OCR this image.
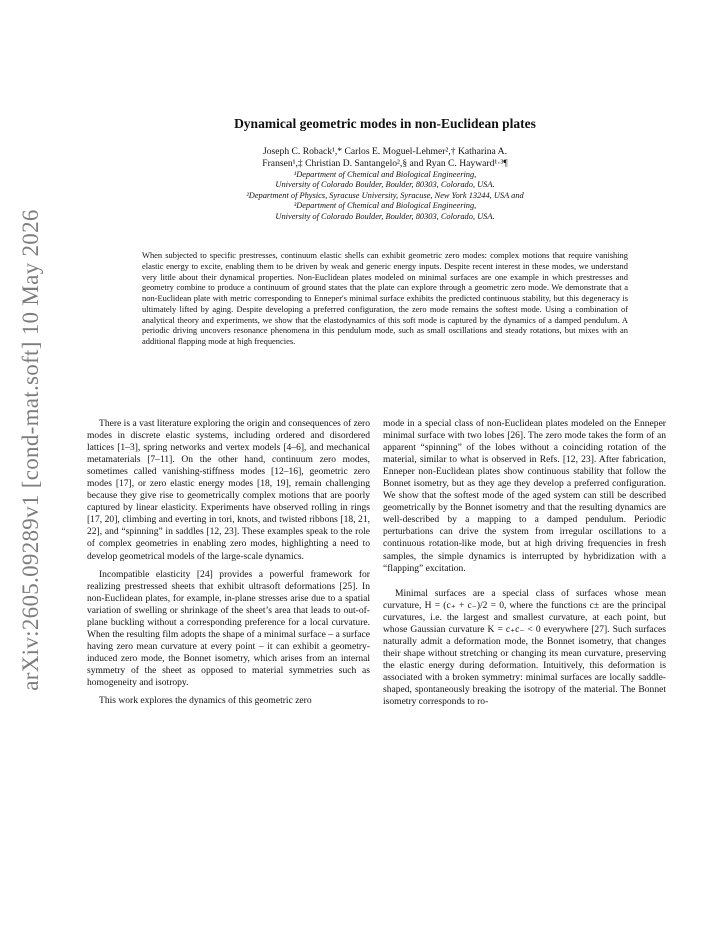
arXiv:2605.09289v1 [cond-mat.soft] 10 May 2026
Dynamical geometric modes in non-Euclidean plates

Joseph C. Roback¹,* Carlos E. Moguel-Lehmer²,† Katharina A.

Fransen¹,‡ Christian D. Santangelo²,§ and Ryan C. Hayward¹·³¶

¹Department of Chemical and Biological Engineering,

University of Colorado Boulder, Boulder, 80303, Colorado, USA.

²Department of Physics, Syracuse University, Syracuse, New York 13244, USA and

³Department of Chemical and Biological Engineering,

University of Colorado Boulder, Boulder, 80303, Colorado, USA.

When subjected to specific prestresses, continuum elastic shells can exhibit geometric zero modes: complex motions that require vanishing elastic energy to excite, enabling them to be driven by weak and generic energy inputs. Despite recent interest in these modes, we understand very little about their dynamical properties. Non-Euclidean plates modeled on minimal surfaces are one example in which prestresses and geometry combine to produce a continuum of ground states that the plate can explore through a geometric zero mode. We demonstrate that a non-Euclidean plate with metric corresponding to Enneper's minimal surface exhibits the predicted continuous stability, but this degeneracy is ultimately lifted by aging. Despite developing a preferred configuration, the zero mode remains the softest mode. Using a combination of analytical theory and experiments, we show that the elastodynamics of this soft mode is captured by the dynamics of a damped pendulum. A periodic driving uncovers resonance phenomena in this pendulum mode, such as small oscillations and steady rotations, but mixes with an additional flapping mode at high frequencies.

There is a vast literature exploring the origin and consequences of zero modes in discrete elastic systems, including ordered and disordered lattices [1–3], spring networks and vertex models [4–6], and mechanical metamaterials [7–11]. On the other hand, continuum zero modes, sometimes called vanishing-stiffness modes [12–16], geometric zero modes [17], or zero elastic energy modes [18, 19], remain challenging because they give rise to geometrically complex motions that are poorly captured by linear elasticity. Experiments have observed rolling in rings [17, 20], climbing and everting in tori, knots, and twisted ribbons [18, 21, 22], and “spinning” in saddles [12, 23]. These examples speak to the role of complex geometries in enabling zero modes, highlighting a need to develop geometrical models of the large-scale dynamics.

Incompatible elasticity [24] provides a powerful framework for realizing prestressed sheets that exhibit ultrasoft deformations [25]. In non-Euclidean plates, for example, in-plane stresses arise due to a spatial variation of swelling or shrinkage of the sheet’s area that leads to out-of-plane buckling without a corresponding preference for a local curvature. When the resulting film adopts the shape of a minimal surface – a surface having zero mean curvature at every point – it can exhibit a geometry-induced zero mode, the Bonnet isometry, which arises from an internal symmetry of the sheet as opposed to material symmetries such as homogeneity and isotropy.

This work explores the dynamics of this geometric zero

mode in a special class of non-Euclidean plates modeled on the Enneper minimal surface with two lobes [26]. The zero mode takes the form of an apparent “spinning” of the lobes without a coinciding rotation of the material, similar to what is observed in Refs. [12, 23]. After fabrication, Enneper non-Euclidean plates show continuous stability that follow the Bonnet isometry, but as they age they develop a preferred configuration. We show that the softest mode of the aged system can still be described geometrically by the Bonnet isometry and that the resulting dynamics are well-described by a mapping to a damped pendulum. Periodic perturbations can drive the system from irregular oscillations to a continuous rotation-like mode, but at high driving frequencies in fresh samples, the simple dynamics is interrupted by hybridization with a “flapping” excitation.

Minimal surfaces are a special class of surfaces whose mean curvature, H = (c₊ + c₋)/2 = 0, where the functions c± are the principal curvatures, i.e. the largest and smallest curvature, at each point, but whose Gaussian curvature K = c₊c₋ < 0 everywhere [27]. Such surfaces naturally admit a deformation mode, the Bonnet isometry, that changes their shape without stretching or changing its mean curvature, preserving the elastic energy during deformation. Intuitively, this deformation is associated with a broken symmetry: minimal surfaces are locally saddle-shaped, spontaneously breaking the isotropy of the material. The Bonnet isometry corresponds to ro-
